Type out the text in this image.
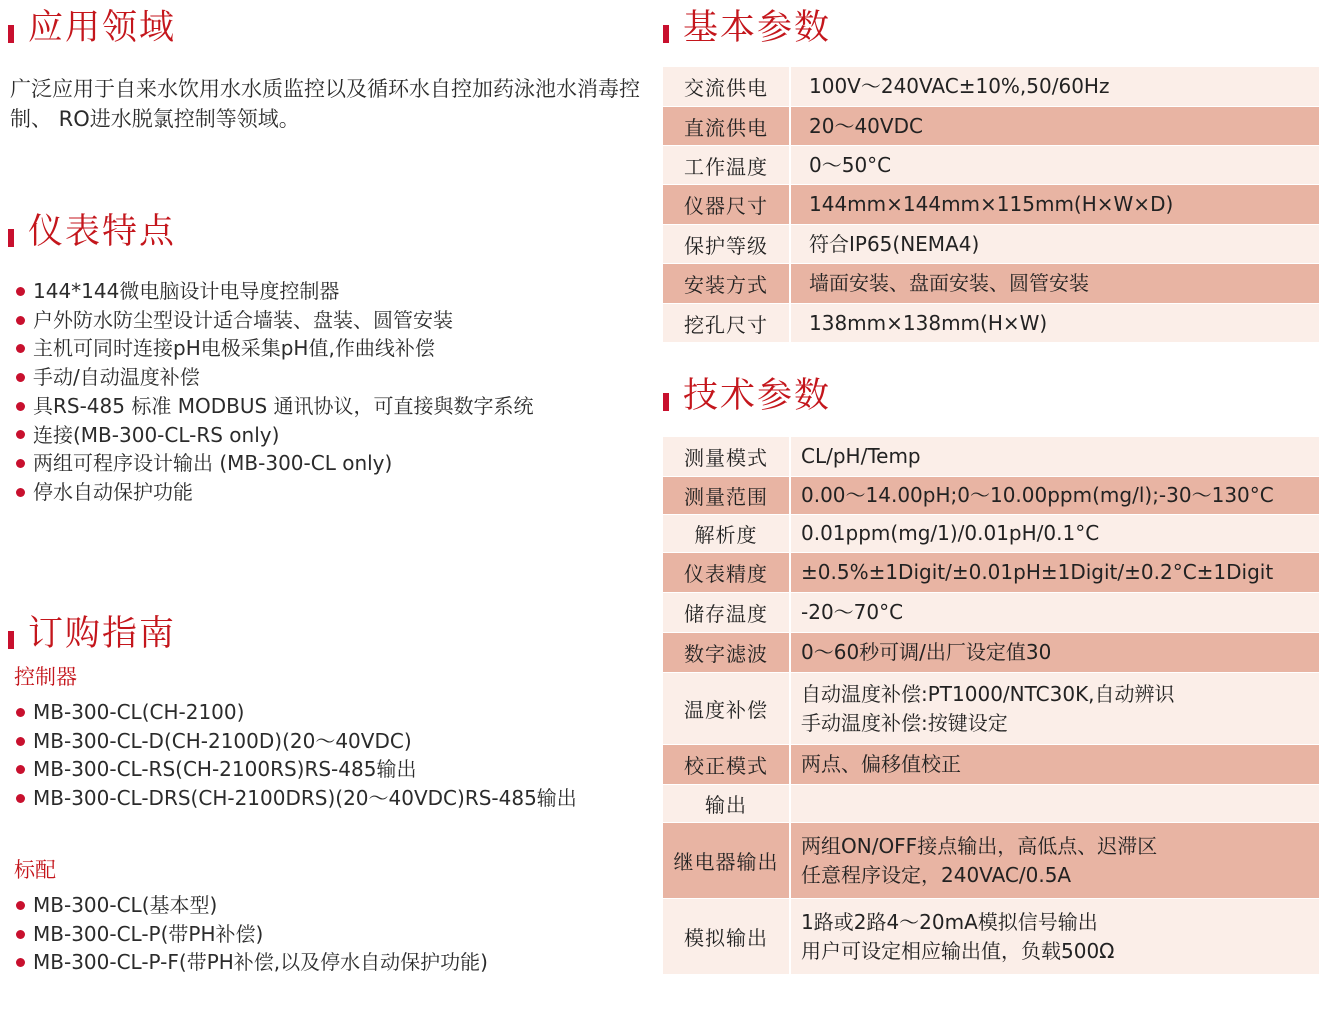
应用领域
广泛应用于自来水饮用水水质监控以及循环水自控加药泳池水消毒控制、 RO进水脱氯控制等领域。
仪表特点
144*144微电脑设计电导度控制器
户外防水防尘型设计适合墙装、盘装、圆管安装
主机可同时连接pH电极采集pH值,作曲线补偿
手动/自动温度补偿
具RS-485 标准 MODBUS 通讯协议，可直接與数字系统
连接(MB-300-CL-RS only)
两组可程序设计输出 (MB-300-CL only)
停水自动保护功能
订购指南
控制器
MB-300-CL(CH-2100)
MB-300-CL-D(CH-2100D)(20～40VDC)
MB-300-CL-RS(CH-2100RS)RS-485输出
MB-300-CL-DRS(CH-2100DRS)(20～40VDC)RS-485输出
标配
MB-300-CL(基本型)
MB-300-CL-P(带PH补偿)
MB-300-CL-P-F(带PH补偿,以及停水自动保护功能)
基本参数
交流供电	100V～240VAC±10%,50/60Hz

直流供电	20～40VDC

工作温度	0～50°C

仪器尺寸	144mm×144mm×115mm(H×W×D)

保护等级	符合IP65(NEMA4)

安装方式	墙面安装、盘面安装、圆管安装

挖孔尺寸	138mm×138mm(H×W)
技术参数
测量模式	CL/pH/Temp

测量范围	0.00～14.00pH;0～10.00ppm(mg/l);-30～130°C

解析度	0.01ppm(mg/1)/0.01pH/0.1°C

仪表精度	±0.5%±1Digit/±0.01pH±1Digit/±0.2°C±1Digit

储存温度	-20～70°C

数字滤波	0～60秒可调/出厂设定值30

温度补偿	自动温度补偿:PT1000/NTC30K,自动辨识
手动温度补偿:按键设定

校正模式	两点、偏移值校正

输出	
继电器输出	两组ON/OFF接点输出，高低点、迟滞区
任意程序设定，240VAC/0.5A

模拟输出	1路或2路4～20mA模拟信号输出
用户可设定相应输出值，负载500Ω
